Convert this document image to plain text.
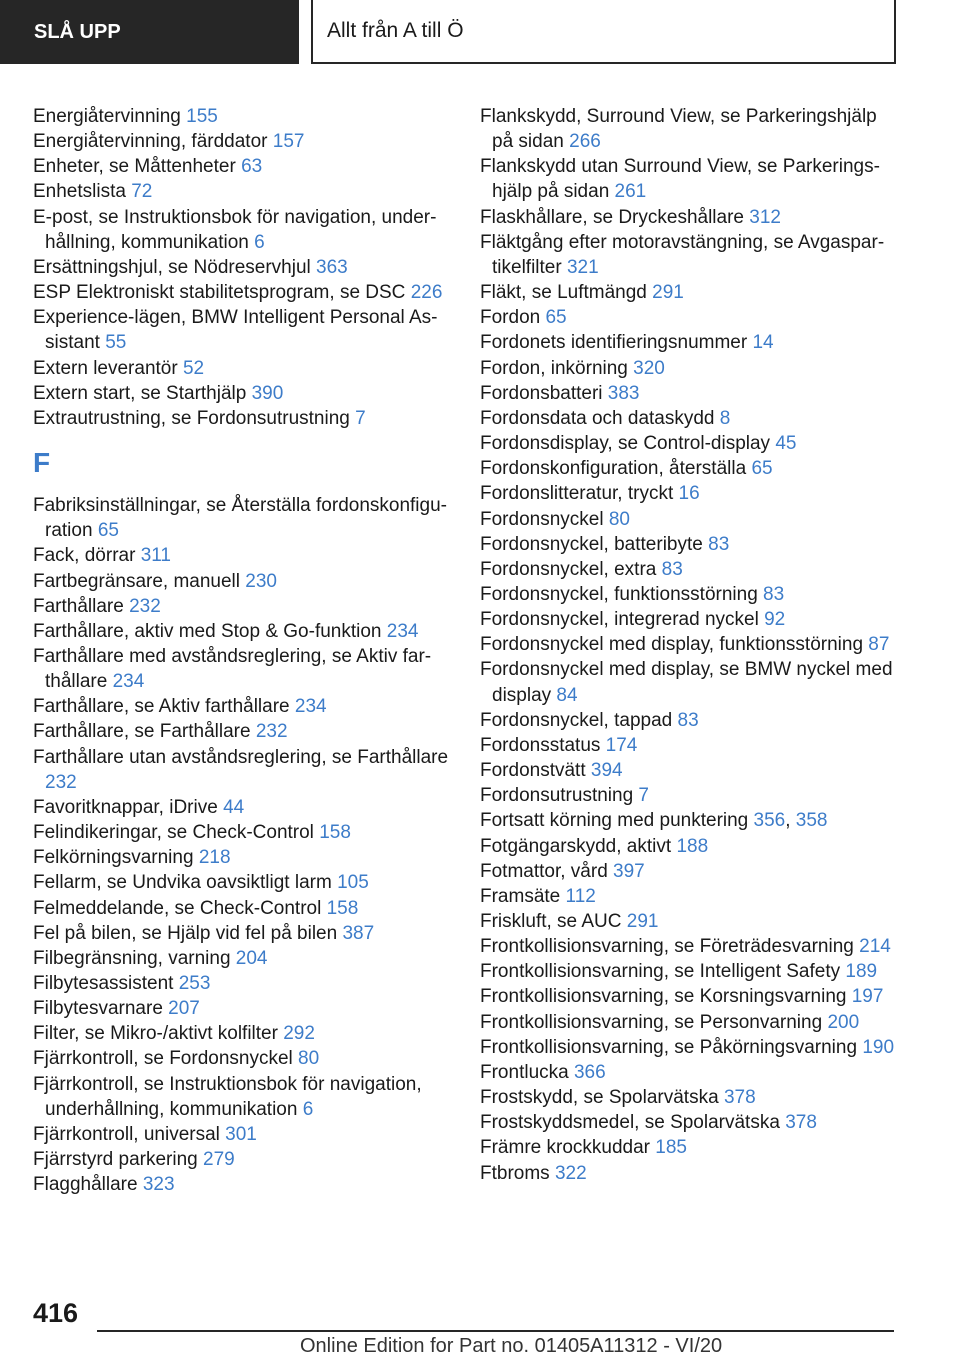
SLÅ UPP	Allt från A till Ö

Energiåtervinning 155

Energiåtervinning, färddator 157

Enheter, se Måttenheter 63

Enhetslista 72

E-post, se Instruktionsbok för navigation, underhållning, kommunikation 6

Ersättningshjul, se Nödreservhjul 363

ESP Elektroniskt stabilitetsprogram, se DSC 226

Experience-lägen, BMW Intelligent Personal Assistant 55

Extern leverantör 52

Extern start, se Starthjälp 390

Extrautrustning, se Fordonsutrustning 7

F

Fabriksinställningar, se Återställa fordonskonfiguration 65

Fack, dörrar 311

Fartbegränsare, manuell 230

Farthållare 232

Farthållare, aktiv med Stop & Go-funktion 234

Farthållare med avståndsreglering, se Aktiv farthållare 234

Farthållare, se Aktiv farthållare 234

Farthållare, se Farthållare 232

Farthållare utan avståndsreglering, se Farthållare 232

Favoritknappar, iDrive 44

Felindikeringar, se Check-Control 158

Felkörningsvarning 218

Fellarm, se Undvika oavsiktligt larm 105

Felmeddelande, se Check-Control 158

Fel på bilen, se Hjälp vid fel på bilen 387

Filbegränsning, varning 204

Filbytesassistent 253

Filbytesvarnare 207

Filter, se Mikro-/aktivt kolfilter 292

Fjärrkontroll, se Fordonsnyckel 80

Fjärrkontroll, se Instruktionsbok för navigation, underhållning, kommunikation 6

Fjärrkontroll, universal 301

Fjärrstyrd parkering 279

Flagghållare 323

Flankskydd, Surround View, se Parkeringshjälp på sidan 266

Flankskydd utan Surround View, se Parkeringshjälp på sidan 261

Flaskhållare, se Dryckeshållare 312

Fläktgång efter motoravstängning, se Avgaspartikelfilter 321

Fläkt, se Luftmängd 291

Fordon 65

Fordonets identifieringsnummer 14

Fordon, inkörning 320

Fordonsbatteri 383

Fordonsdata och dataskydd 8

Fordonsdisplay, se Control-display 45

Fordonskonfiguration, återställa 65

Fordonslitteratur, tryckt 16

Fordonsnyckel 80

Fordonsnyckel, batteribyte 83

Fordonsnyckel, extra 83

Fordonsnyckel, funktionsstörning 83

Fordonsnyckel, integrerad nyckel 92

Fordonsnyckel med display, funktionsstörning 87

Fordonsnyckel med display, se BMW nyckel med display 84

Fordonsnyckel, tappad 83

Fordonsstatus 174

Fordonstvätt 394

Fordonsutrustning 7

Fortsatt körning med punktering 356, 358

Fotgängarskydd, aktivt 188

Fotmattor, vård 397

Framsäte 112

Friskluft, se AUC 291

Frontkollisionsvarning, se Företrädesvarning 214

Frontkollisionsvarning, se Intelligent Safety 189

Frontkollisionsvarning, se Korsningsvarning 197

Frontkollisionsvarning, se Personvarning 200

Frontkollisionsvarning, se Påkörningsvarning 190

Frontlucka 366

Frostskydd, se Spolarvätska 378

Frostskyddsmedel, se Spolarvätska 378

Främre krockkuddar 185

Ftbroms 322

416
Online Edition for Part no. 01405A11312 - VI/20
